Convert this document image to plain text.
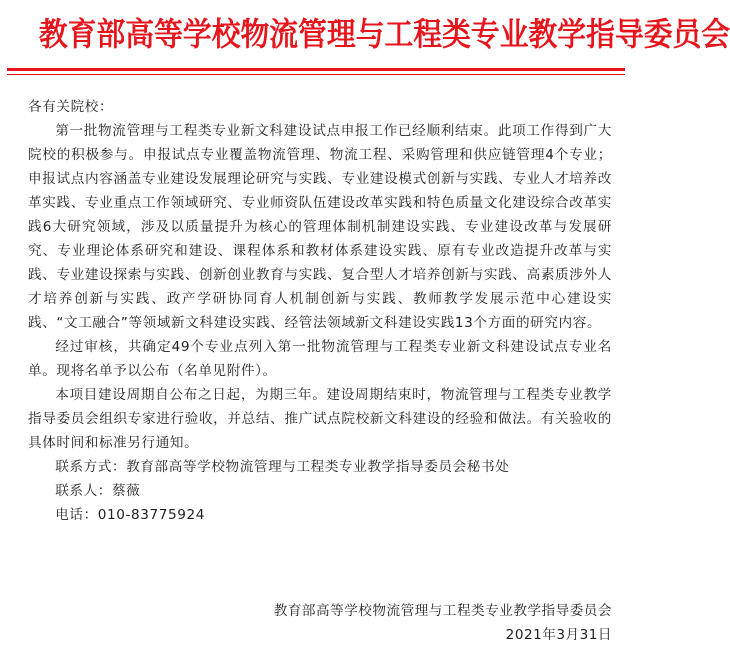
教育部高等学校物流管理与工程类专业教学指导委员会

各有关院校：

第一批物流管理与工程类专业新文科建设试点申报工作已经顺利结束。此项工作得到广大院校的积极参与。申报试点专业覆盖物流管理、物流工程、采购管理和供应链管理4个专业；申报试点内容涵盖专业建设发展理论研究与实践、专业建设模式创新与实践、专业人才培养改革实践、专业重点工作领域研究、专业师资队伍建设改革实践和特色质量文化建设综合改革实践6大研究领域，涉及以质量提升为核心的管理体制机制建设实践、专业建设改革与发展研究、专业理论体系研究和建设、课程体系和教材体系建设实践、原有专业改造提升改革与实践、专业建设探索与实践、创新创业教育与实践、复合型人才培养创新与实践、高素质涉外人才培养创新与实践、政产学研协同育人机制创新与实践、教师教学发展示范中心建设实践、“文工融合”等领域新文科建设实践、经管法领域新文科建设实践13个方面的研究内容。

经过审核，共确定49个专业点列入第一批物流管理与工程类专业新文科建设试点专业名单。现将名单予以公布（名单见附件）。

本项目建设周期自公布之日起，为期三年。建设周期结束时，物流管理与工程类专业教学指导委员会组织专家进行验收，并总结、推广试点院校新文科建设的经验和做法。有关验收的具体时间和标准另行通知。

联系方式：教育部高等学校物流管理与工程类专业教学指导委员会秘书处

联系人：蔡薇

电话：010-83775924

教育部高等学校物流管理与工程类专业教学指导委员会
2021年3月31日
